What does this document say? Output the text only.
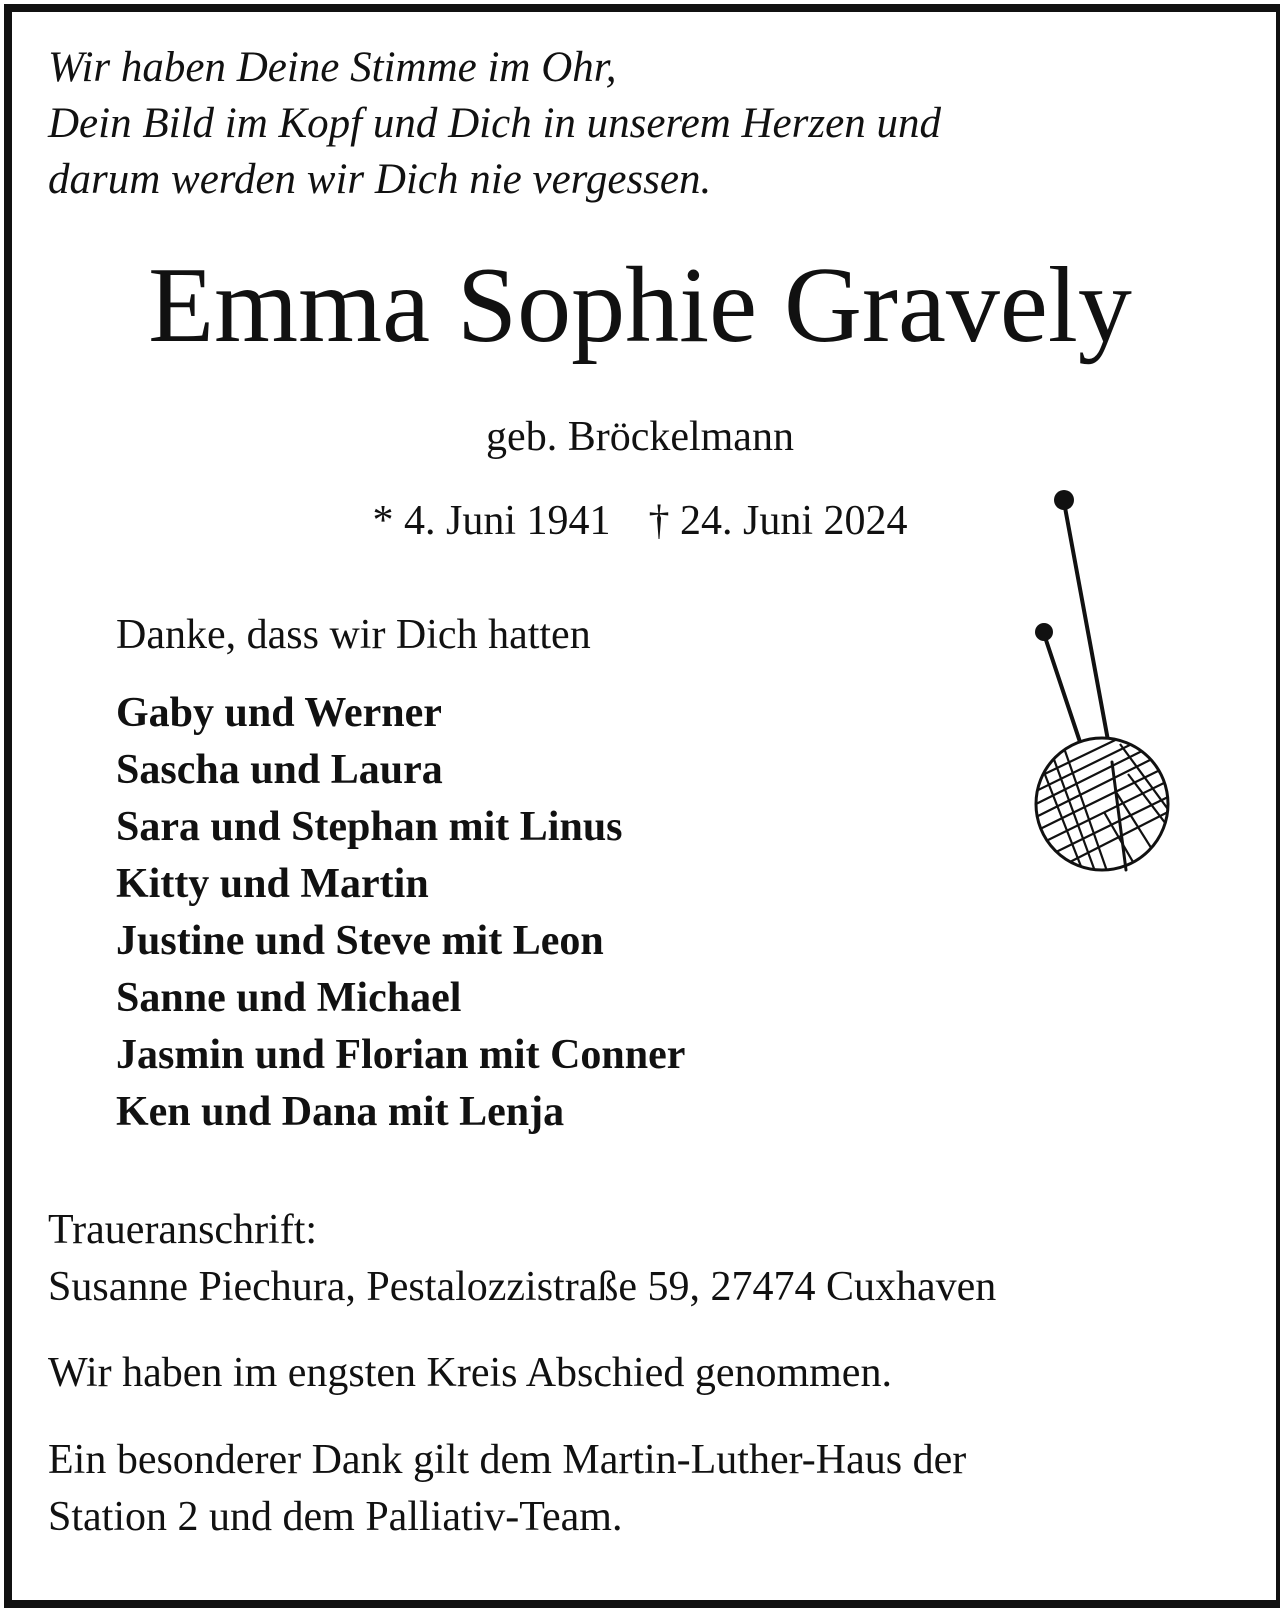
Wir haben Deine Stimme im Ohr,
Dein Bild im Kopf und Dich in unserem Herzen und
darum werden wir Dich nie vergessen.
Emma Sophie Gravely
geb. Bröckelmann
* 4. Juni 1941 † 24. Juni 2024
Danke, dass wir Dich hatten
Gaby und Werner
Sascha und Laura
Sara und Stephan mit Linus
Kitty und Martin
Justine und Steve mit Leon
Sanne und Michael
Jasmin und Florian mit Conner
Ken und Dana mit Lenja
Traueranschrift:
Susanne Piechura, Pestalozzistraße 59, 27474 Cuxhaven
Wir haben im engsten Kreis Abschied genommen.
Ein besonderer Dank gilt dem Martin-Luther-Haus der
Station 2 und dem Palliativ-Team.
